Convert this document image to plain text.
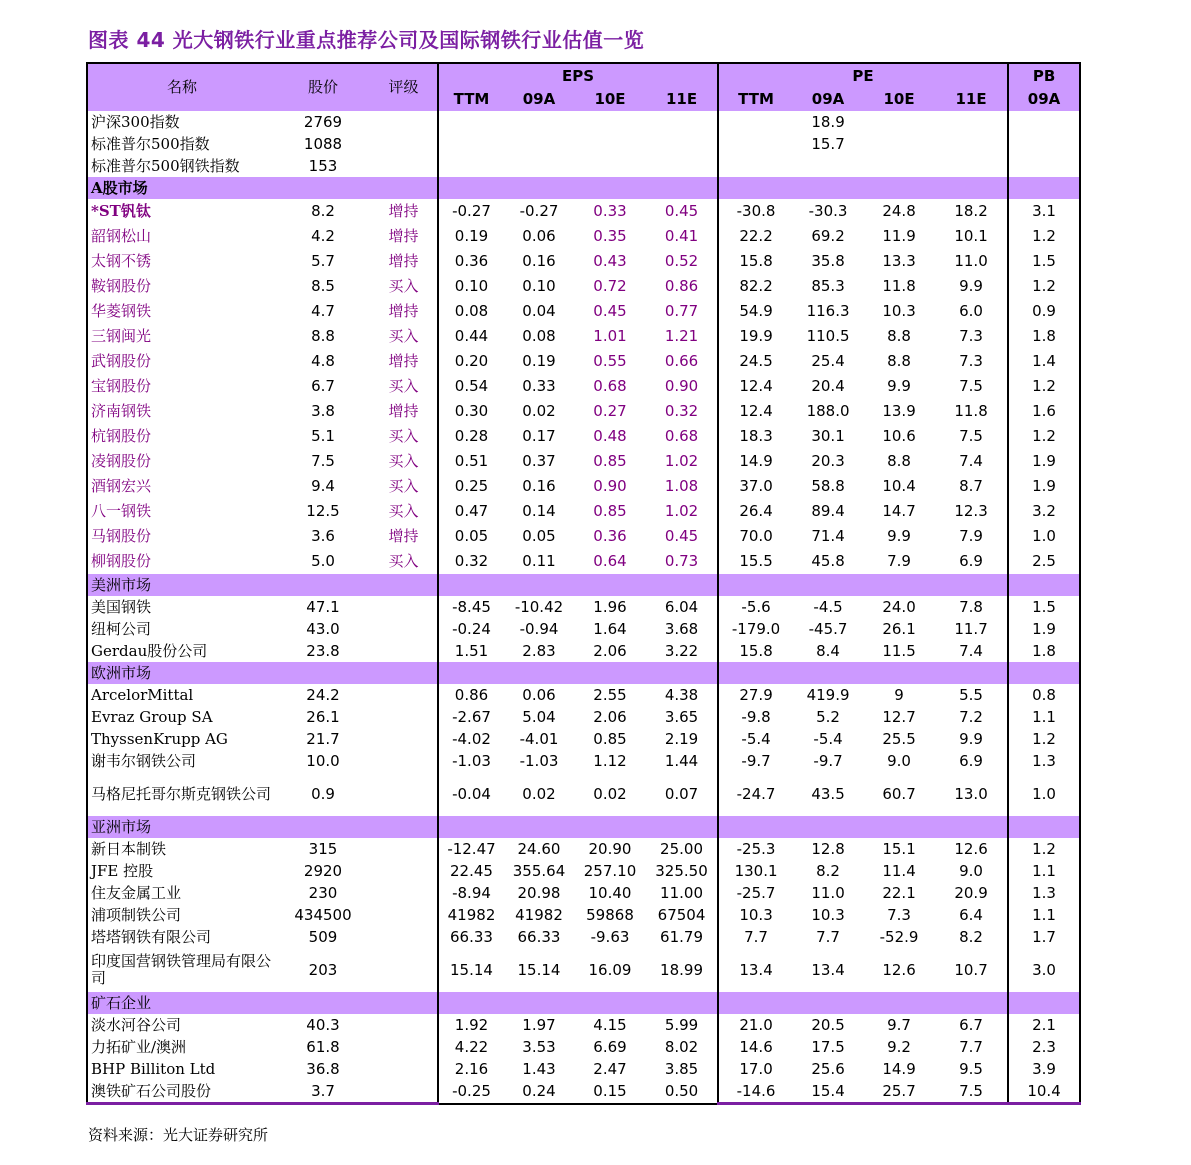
图表 44 光大钢铁行业重点推荐公司及国际钢铁行业估值一览
名称	股价	评级	EPS				PE				PB
			TTM	09A	10E	11E	TTM	09A	10E	11E	09A
沪深300指数	2769							18.9			
标准普尔500指数	1088							15.7			
标准普尔500钢铁指数	153										
A股市场											
*ST钒钛	8.2	增持	-0.27	-0.27	0.33	0.45	-30.8	-30.3	24.8	18.2	3.1
韶钢松山	4.2	增持	0.19	0.06	0.35	0.41	22.2	69.2	11.9	10.1	1.2
太钢不锈	5.7	增持	0.36	0.16	0.43	0.52	15.8	35.8	13.3	11.0	1.5
鞍钢股份	8.5	买入	0.10	0.10	0.72	0.86	82.2	85.3	11.8	9.9	1.2
华菱钢铁	4.7	增持	0.08	0.04	0.45	0.77	54.9	116.3	10.3	6.0	0.9
三钢闽光	8.8	买入	0.44	0.08	1.01	1.21	19.9	110.5	8.8	7.3	1.8
武钢股份	4.8	增持	0.20	0.19	0.55	0.66	24.5	25.4	8.8	7.3	1.4
宝钢股份	6.7	买入	0.54	0.33	0.68	0.90	12.4	20.4	9.9	7.5	1.2
济南钢铁	3.8	增持	0.30	0.02	0.27	0.32	12.4	188.0	13.9	11.8	1.6
杭钢股份	5.1	买入	0.28	0.17	0.48	0.68	18.3	30.1	10.6	7.5	1.2
凌钢股份	7.5	买入	0.51	0.37	0.85	1.02	14.9	20.3	8.8	7.4	1.9
酒钢宏兴	9.4	买入	0.25	0.16	0.90	1.08	37.0	58.8	10.4	8.7	1.9
八一钢铁	12.5	买入	0.47	0.14	0.85	1.02	26.4	89.4	14.7	12.3	3.2
马钢股份	3.6	增持	0.05	0.05	0.36	0.45	70.0	71.4	9.9	7.9	1.0
柳钢股份	5.0	买入	0.32	0.11	0.64	0.73	15.5	45.8	7.9	6.9	2.5
美洲市场											
美国钢铁	47.1		-8.45	-10.42	1.96	6.04	-5.6	-4.5	24.0	7.8	1.5
纽柯公司	43.0		-0.24	-0.94	1.64	3.68	-179.0	-45.7	26.1	11.7	1.9
Gerdau股份公司	23.8		1.51	2.83	2.06	3.22	15.8	8.4	11.5	7.4	1.8
欧洲市场											
ArcelorMittal	24.2		0.86	0.06	2.55	4.38	27.9	419.9	9	5.5	0.8
Evraz Group SA	26.1		-2.67	5.04	2.06	3.65	-9.8	5.2	12.7	7.2	1.1
ThyssenKrupp AG	21.7		-4.02	-4.01	0.85	2.19	-5.4	-5.4	25.5	9.9	1.2
谢韦尔钢铁公司	10.0		-1.03	-1.03	1.12	1.44	-9.7	-9.7	9.0	6.9	1.3
马格尼托哥尔斯克钢铁公司	0.9		-0.04	0.02	0.02	0.07	-24.7	43.5	60.7	13.0	1.0
亚洲市场											
新日本制铁	315		-12.47	24.60	20.90	25.00	-25.3	12.8	15.1	12.6	1.2
JFE 控股	2920		22.45	355.64	257.10	325.50	130.1	8.2	11.4	9.0	1.1
住友金属工业	230		-8.94	20.98	10.40	11.00	-25.7	11.0	22.1	20.9	1.3
浦项制铁公司	434500		41982	41982	59868	67504	10.3	10.3	7.3	6.4	1.1
塔塔钢铁有限公司	509		66.33	66.33	-9.63	61.79	7.7	7.7	-52.9	8.2	1.7
印度国营钢铁管理局有限公司	203		15.14	15.14	16.09	18.99	13.4	13.4	12.6	10.7	3.0
矿石企业											
淡水河谷公司	40.3		1.92	1.97	4.15	5.99	21.0	20.5	9.7	6.7	2.1
力拓矿业/澳洲	61.8		4.22	3.53	6.69	8.02	14.6	17.5	9.2	7.7	2.3
BHP Billiton Ltd	36.8		2.16	1.43	2.47	3.85	17.0	25.6	14.9	9.5	3.9
澳铁矿石公司股份	3.7		-0.25	0.24	0.15	0.50	-14.6	15.4	25.7	7.5	10.4
资料来源：光大证券研究所
